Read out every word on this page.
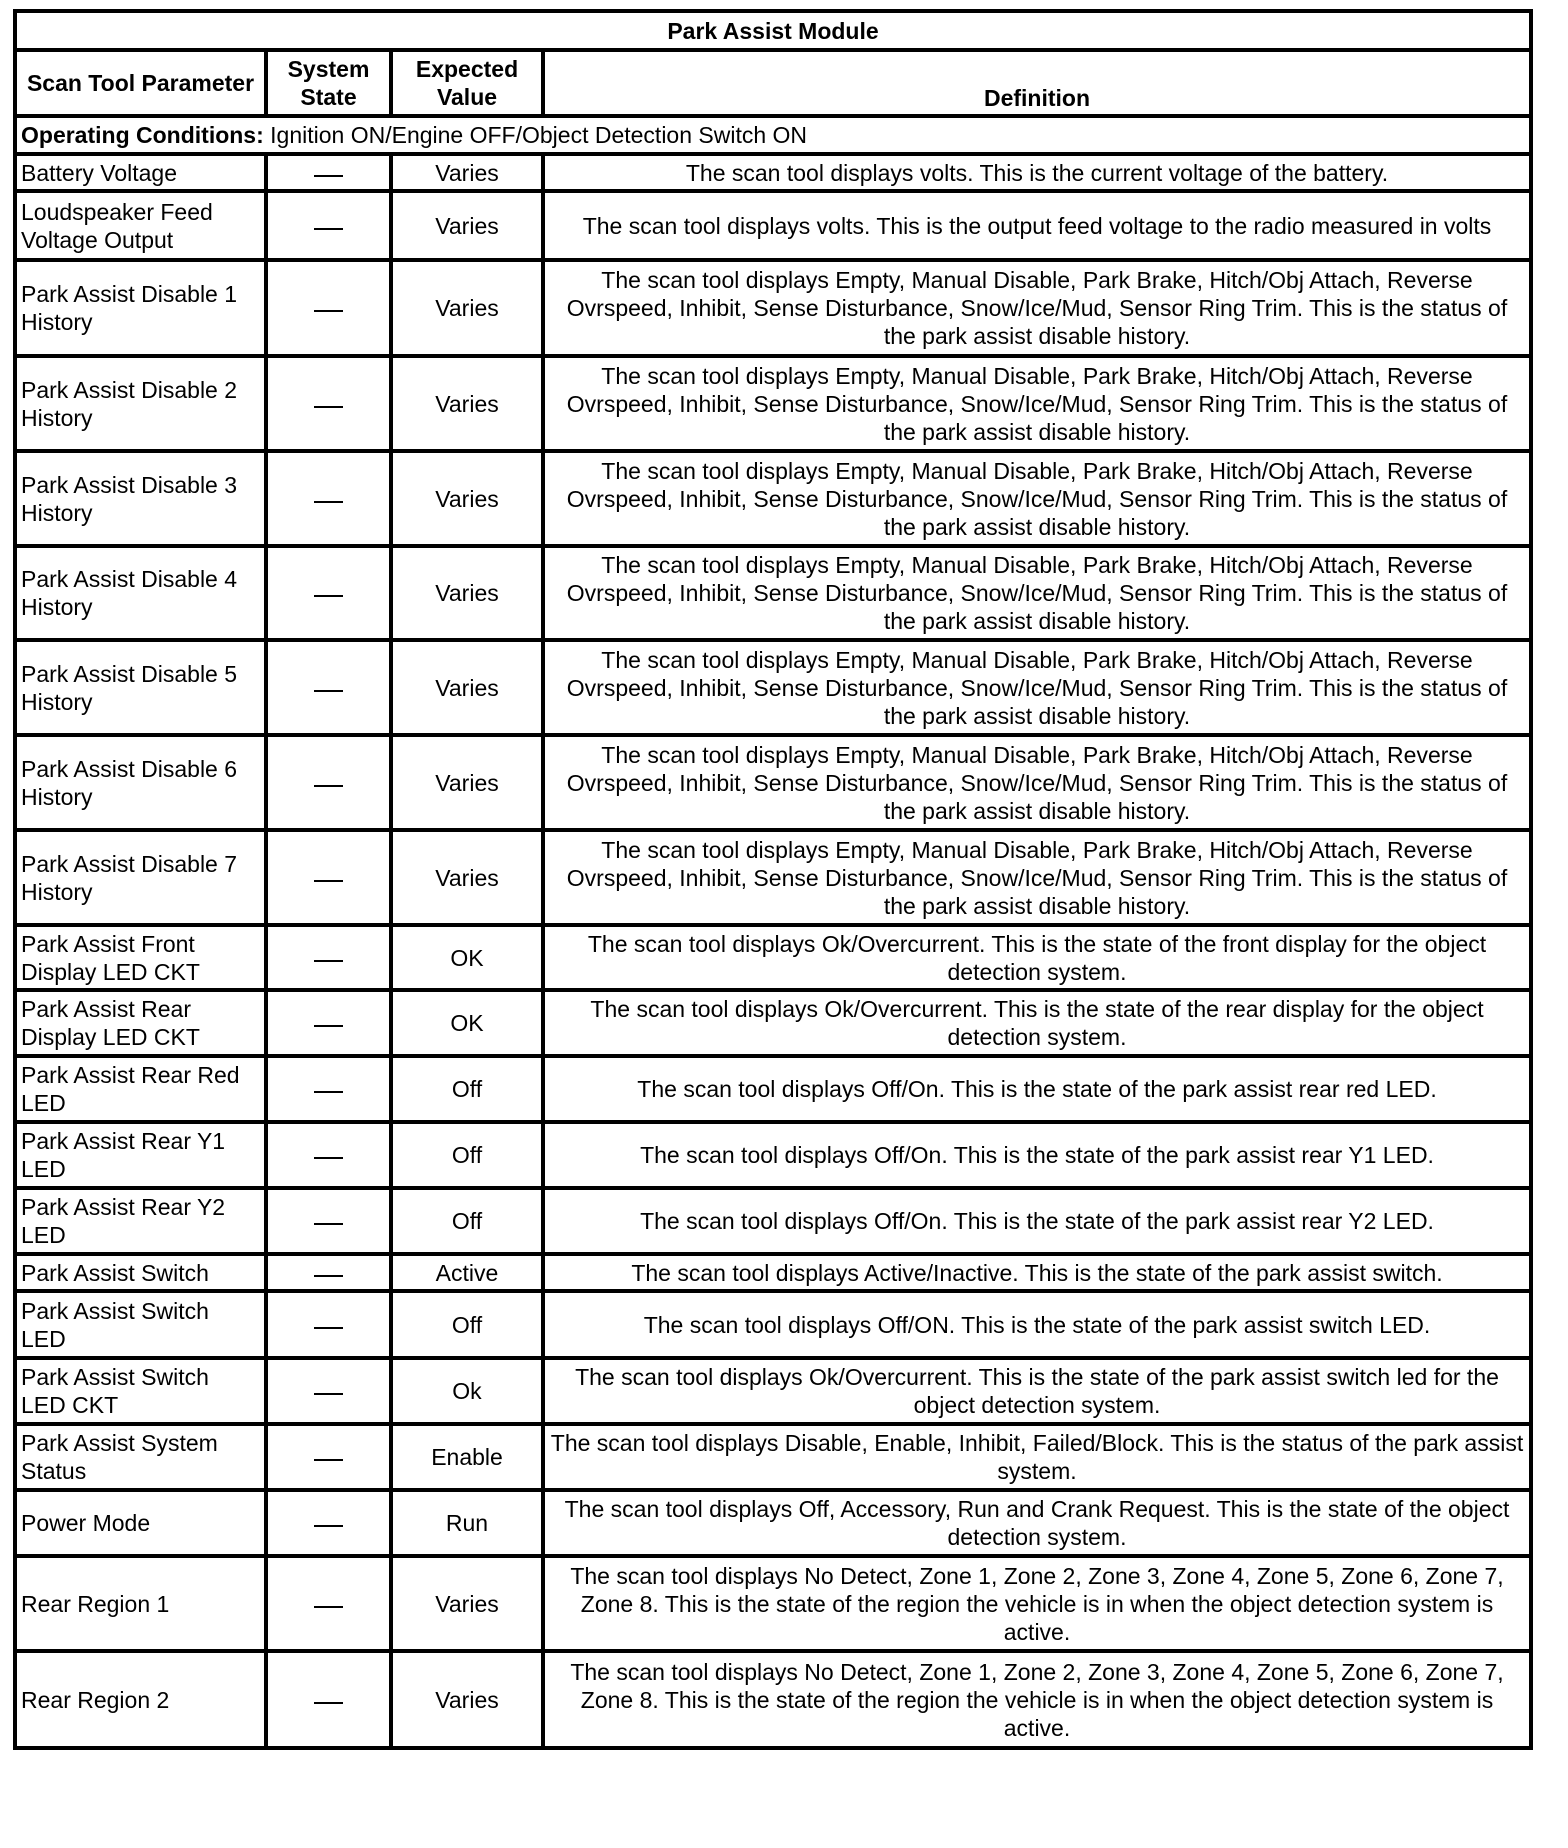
Park Assist Module			
Scan Tool Parameter	System State	Expected Value	Definition
Operating Conditions: Ignition ON/Engine OFF/Object Detection Switch ON			
Battery Voltage		Varies	The scan tool displays volts. This is the current voltage of the battery.
Loudspeaker Feed Voltage Output		Varies	The scan tool displays volts. This is the output feed voltage to the radio measured in volts
Park Assist Disable 1 History		Varies	The scan tool displays Empty, Manual Disable, Park Brake, Hitch/Obj Attach, Reverse Ovrspeed, Inhibit, Sense Disturbance, Snow/Ice/Mud, Sensor Ring Trim. This is the status of the park assist disable history.
Park Assist Disable 2 History		Varies	The scan tool displays Empty, Manual Disable, Park Brake, Hitch/Obj Attach, Reverse Ovrspeed, Inhibit, Sense Disturbance, Snow/Ice/Mud, Sensor Ring Trim. This is the status of the park assist disable history.
Park Assist Disable 3 History		Varies	The scan tool displays Empty, Manual Disable, Park Brake, Hitch/Obj Attach, Reverse Ovrspeed, Inhibit, Sense Disturbance, Snow/Ice/Mud, Sensor Ring Trim. This is the status of the park assist disable history.
Park Assist Disable 4 History		Varies	The scan tool displays Empty, Manual Disable, Park Brake, Hitch/Obj Attach, Reverse Ovrspeed, Inhibit, Sense Disturbance, Snow/Ice/Mud, Sensor Ring Trim. This is the status of the park assist disable history.
Park Assist Disable 5 History		Varies	The scan tool displays Empty, Manual Disable, Park Brake, Hitch/Obj Attach, Reverse Ovrspeed, Inhibit, Sense Disturbance, Snow/Ice/Mud, Sensor Ring Trim. This is the status of the park assist disable history.
Park Assist Disable 6 History		Varies	The scan tool displays Empty, Manual Disable, Park Brake, Hitch/Obj Attach, Reverse Ovrspeed, Inhibit, Sense Disturbance, Snow/Ice/Mud, Sensor Ring Trim. This is the status of the park assist disable history.
Park Assist Disable 7 History		Varies	The scan tool displays Empty, Manual Disable, Park Brake, Hitch/Obj Attach, Reverse Ovrspeed, Inhibit, Sense Disturbance, Snow/Ice/Mud, Sensor Ring Trim. This is the status of the park assist disable history.
Park Assist Front Display LED CKT		OK	The scan tool displays Ok/Overcurrent. This is the state of the front display for the object detection system.
Park Assist Rear Display LED CKT		OK	The scan tool displays Ok/Overcurrent. This is the state of the rear display for the object detection system.
Park Assist Rear Red LED		Off	The scan tool displays Off/On. This is the state of the park assist rear red LED.
Park Assist Rear Y1 LED		Off	The scan tool displays Off/On. This is the state of the park assist rear Y1 LED.
Park Assist Rear Y2 LED		Off	The scan tool displays Off/On. This is the state of the park assist rear Y2 LED.
Park Assist Switch		Active	The scan tool displays Active/Inactive. This is the state of the park assist switch.
Park Assist Switch LED		Off	The scan tool displays Off/ON. This is the state of the park assist switch LED.
Park Assist Switch LED CKT		Ok	The scan tool displays Ok/Overcurrent. This is the state of the park assist switch led for the object detection system.
Park Assist System Status		Enable	The scan tool displays Disable, Enable, Inhibit, Failed/Block. This is the status of the park assist system.
Power Mode		Run	The scan tool displays Off, Accessory, Run and Crank Request. This is the state of the object detection system.
Rear Region 1		Varies	The scan tool displays No Detect, Zone 1, Zone 2, Zone 3, Zone 4, Zone 5, Zone 6, Zone 7, Zone 8. This is the state of the region the vehicle is in when the object detection system is active.
Rear Region 2		Varies	The scan tool displays No Detect, Zone 1, Zone 2, Zone 3, Zone 4, Zone 5, Zone 6, Zone 7, Zone 8. This is the state of the region the vehicle is in when the object detection system is active.
